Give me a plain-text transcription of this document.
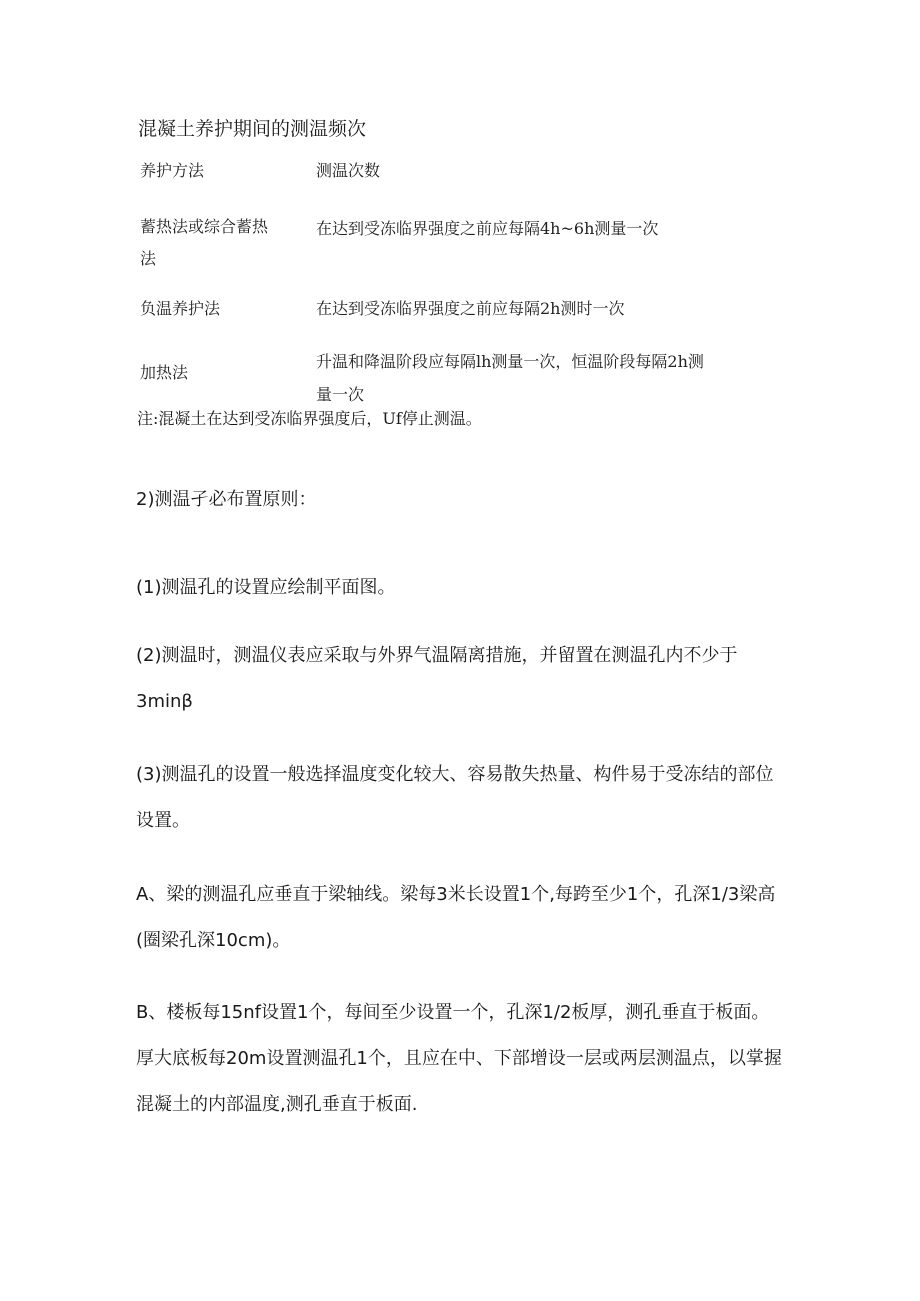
混凝土养护期间的测温频次
养护方法	测温次数
蓄热法或综合蓄热
法
在达到受冻临界强度之前应每隔4h~6h测量一次
负温养护法	在达到受冻临界强度之前应每隔2h测时一次
加热法
升温和降温阶段应每隔lh测量一次，恒温阶段每隔2h测
量一次
注:混凝土在达到受冻临界强度后，Uf停止测温。

2)测温孑必布置原则：

(1)测温孔的设置应绘制平面图。

(2)测温时，测温仪表应采取与外界气温隔离措施，并留置在测温孔内不少于3minβ

(3)测温孔的设置一般选择温度变化较大、容易散失热量、构件易于受冻结的部位设置。

A、梁的测温孔应垂直于梁轴线。梁每3米长设置1个,每跨至少1个，孔深1/3梁高(圈梁孔深10cm)。

B、楼板每15nf设置1个，每间至少设置一个，孔深1/2板厚，测孔垂直于板面。厚大底板每20m设置测温孔1个，且应在中、下部增设一层或两层测温点，以掌握混凝土的内部温度,测孔垂直于板面.
